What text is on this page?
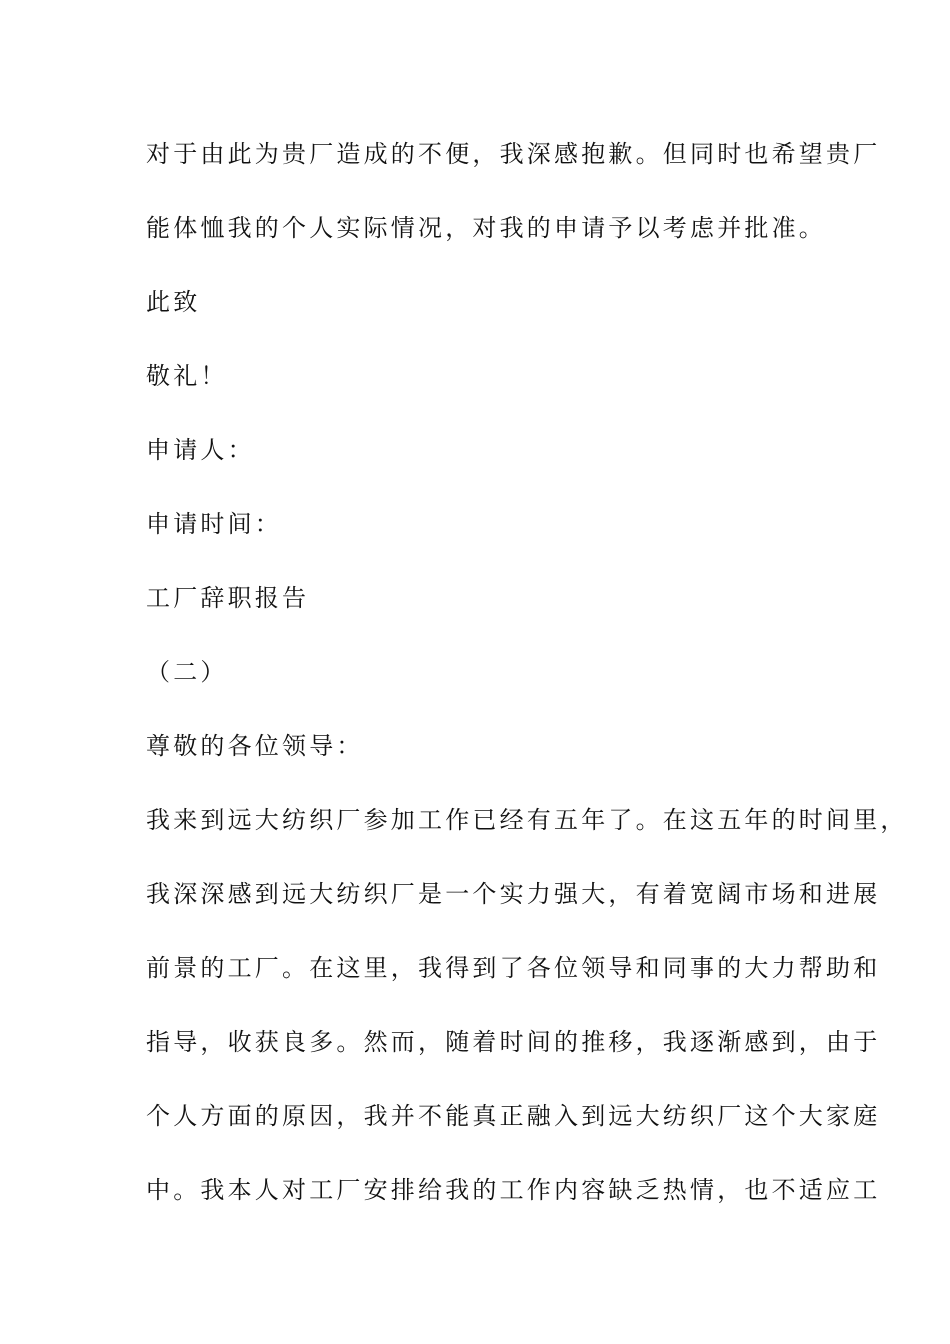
对于由此为贵厂造成的不便，我深感抱歉。但同时也希望贵厂
能体恤我的个人实际情况，对我的申请予以考虑并批准。
此致
敬礼！
申请人：
申请时间：
工厂辞职报告
（二）
尊敬的各位领导：
我来到远大纺织厂参加工作已经有五年了。在这五年的时间里，
我深深感到远大纺织厂是一个实力强大，有着宽阔市场和进展
前景的工厂。在这里，我得到了各位领导和同事的大力帮助和
指导，收获良多。然而，随着时间的推移，我逐渐感到，由于
个人方面的原因，我并不能真正融入到远大纺织厂这个大家庭
中。我本人对工厂安排给我的工作内容缺乏热情，也不适应工
